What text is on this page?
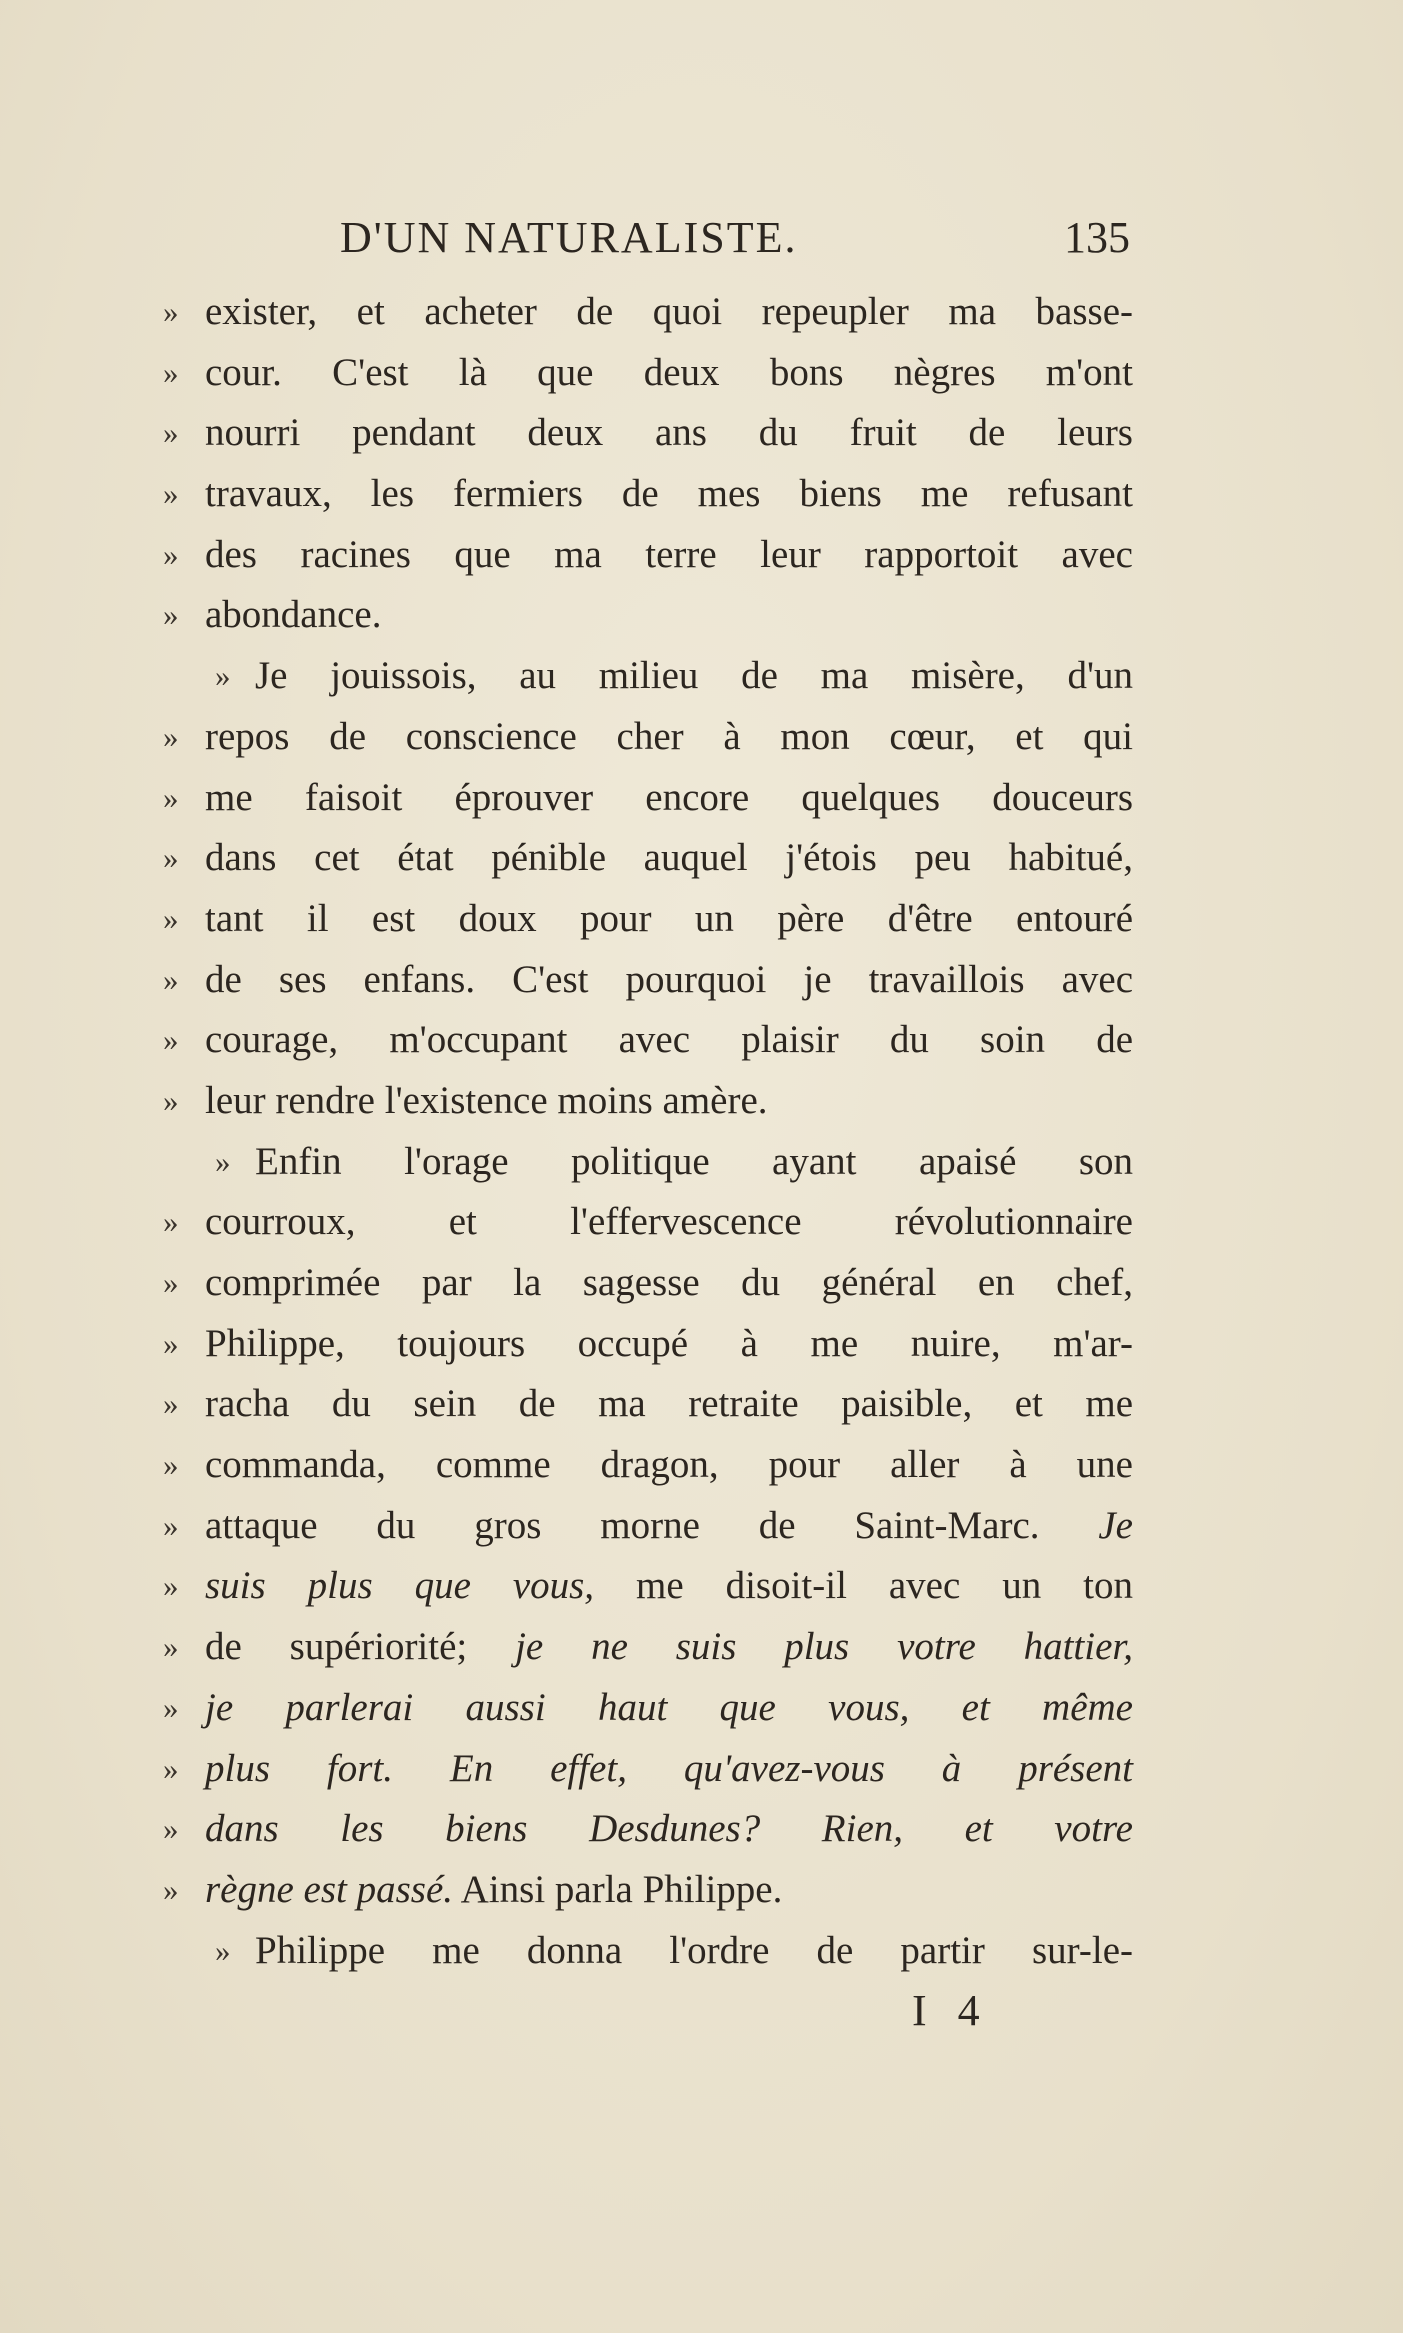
D'UN NATURALISTE.	135
» exister, et acheter de quoi repeupler ma basse-
» cour. C'est là que deux bons nègres m'ont
» nourri pendant deux ans du fruit de leurs
» travaux, les fermiers de mes biens me refusant
» des racines que ma terre leur rapportoit avec
» abondance.
» Je jouissois, au milieu de ma misère, d'un
» repos de conscience cher à mon cœur, et qui
» me faisoit éprouver encore quelques douceurs
» dans cet état pénible auquel j'étois peu habitué,
» tant il est doux pour un père d'être entouré
» de ses enfans. C'est pourquoi je travaillois avec
» courage, m'occupant avec plaisir du soin de
» leur rendre l'existence moins amère.
» Enfin l'orage politique ayant apaisé son
» courroux, et l'effervescence révolutionnaire
» comprimée par la sagesse du général en chef,
» Philippe, toujours occupé à me nuire, m'ar-
» racha du sein de ma retraite paisible, et me
» commanda, comme dragon, pour aller à une
» attaque du gros morne de Saint-Marc. Je
» suis plus que vous, me disoit-il avec un ton
» de supériorité; je ne suis plus votre hattier,
» je parlerai aussi haut que vous, et même
» plus fort. En effet, qu'avez-vous à présent
» dans les biens Desdunes? Rien, et votre
» règne est passé. Ainsi parla Philippe.
» Philippe me donna l'ordre de partir sur-le-
I 4
